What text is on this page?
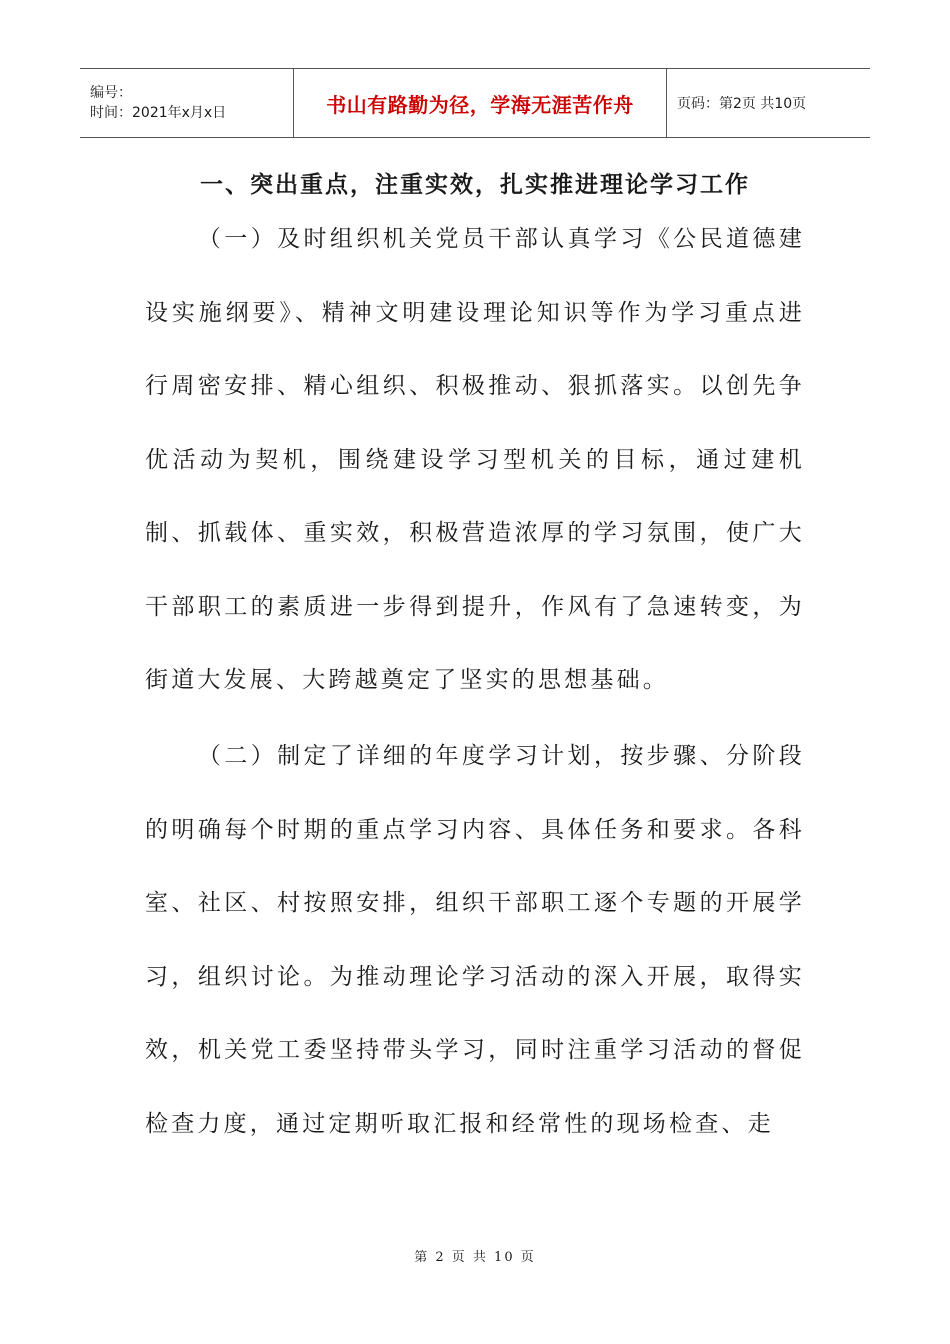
编号：
时间：2021年x月x日	书山有路勤为径，学海无涯苦作舟	页码：第2页 共10页
一、突出重点，注重实效，扎实推进理论学习工作

（一）及时组织机关党员干部认真学习《公民道德建设实施纲要》、精神文明建设理论知识等作为学习重点进行周密安排、精心组织、积极推动、狠抓落实。以创先争优活动为契机，围绕建设学习型机关的目标，通过建机制、抓载体、重实效，积极营造浓厚的学习氛围，使广大干部职工的素质进一步得到提升，作风有了急速转变，为街道大发展、大跨越奠定了坚实的思想基础。

（二）制定了详细的年度学习计划，按步骤、分阶段的明确每个时期的重点学习内容、具体任务和要求。各科室、社区、村按照安排，组织干部职工逐个专题的开展学习，组织讨论。为推动理论学习活动的深入开展，取得实效，机关党工委坚持带头学习，同时注重学习活动的督促检查力度，通过定期听取汇报和经常性的现场检查、走

第 2 页 共 10 页
